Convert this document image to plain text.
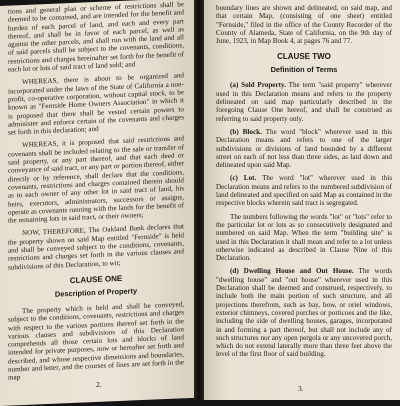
tions and general plan or scheme of restrictions shall be deemed to be contained, and are intended for the benefit and burden of each parcel of land, and each and every part thereof, and shall be in favor of each parcel, as well as against the other parcels, and shall run with the land and all of said parcels shall be subject to the covenants, conditions, restrictions and charges hereinafter set forth for the benefit of each lot or lots of said tract of land sold; and

WHEREAS, there is about to be organized and incorporated under the laws of the State of California a non-profit, co-operative corporation, without capital stock, to be known as "Fernside Home Owners Association" in which it is proposed that there shall be vested certain powers to administer and enforce certain of the covenants and charges set forth in this declaration; and

WHEREAS, it is proposed that said restrictions and covenants shall be included relating to the sale or transfer of said property, or any part thereof, and that each deed or conveyance of said tract, or any part or portion thereof, either directly or by reference, shall declare that the conditions, covenants, restrictions and charges contained therein should as to each owner of any other lot in said tract of land, his heirs, executors, administrators, successors or assigns, operate as covenants running with the lands for the benefit of the remaining lots in said tract, or their owners;

NOW, THEREFORE, The Oakland Bank declares that the property shown on said Map entitled "Fernside" is held and shall be conveyed subject to the conditions, covenants, restrictions and charges set forth in the various clauses and subdivisions of this Declaration, to wit;

CLAUSE ONE
Description of Property

The property which is held and shall be conveyed, subject to the conditions, covenants, restrictions and charges with respect to the various portions thereof set forth in the various clauses and subdivisions of this Declaration comprehends all those certain lots and blocks of land intended for private purposes, now or hereafter set forth and described, and whose respective dimensions and boundaries, number and letter, and the courses of lines are set forth in the map

2.

boundary lines are shown and delineated, on said map, and that certain Map, (consisting of one sheet) entitled "Fernside," filed in the office of the County Recorder of the County of Alameda, State of California, on the 9th day of June, 1923, in Map Book 4, at pages 76 and 77.

CLAUSE TWO
Definition of Terms

(a) Sold Property. The term "said property" wherever used in this Declaration means and refers to the property delineated on said map particularly described in the foregoing Clause One hereof, and shall be construed as referring to said property only.

(b) Block. The word "block" wherever used in this Declaration means and refers to one of the larger subdivisions or divisions of land bounded by a different street on each of not less than three sides, as laid down and delineated upon said Map.

(c) Lot. The word "lot" wherever used in this Declaration means and refers to the numbered subdivision of land delineated and specified on said Map as contained in the respective blocks wherein said tract is segregated.

The numbers following the words "lot" or "lots" refer to the particular lot or lots as so consecutively designated and numbered on said Map. When the term "building site" is used in this Declaration it shall mean and refer to a lot unless otherwise indicated as described in Clause Nine of this Declaration.

(d) Dwelling House and Out House. The words "dwelling house" and "out house" wherever used in this Declaration shall be deemed and construed, respectively, to include both the main portion of such structure, and all projections therefrom, such as bay, bow, or oriel windows, exterior chimneys, covered porches or porticoes and the like, including the side of dwelling houses, garages, incorporated in and forming a part thereof, but shall not include any of such structures nor any open pergola or any uncovered porch, which do not extend laterally more than three feet above the level of the first floor of said building.

3.
